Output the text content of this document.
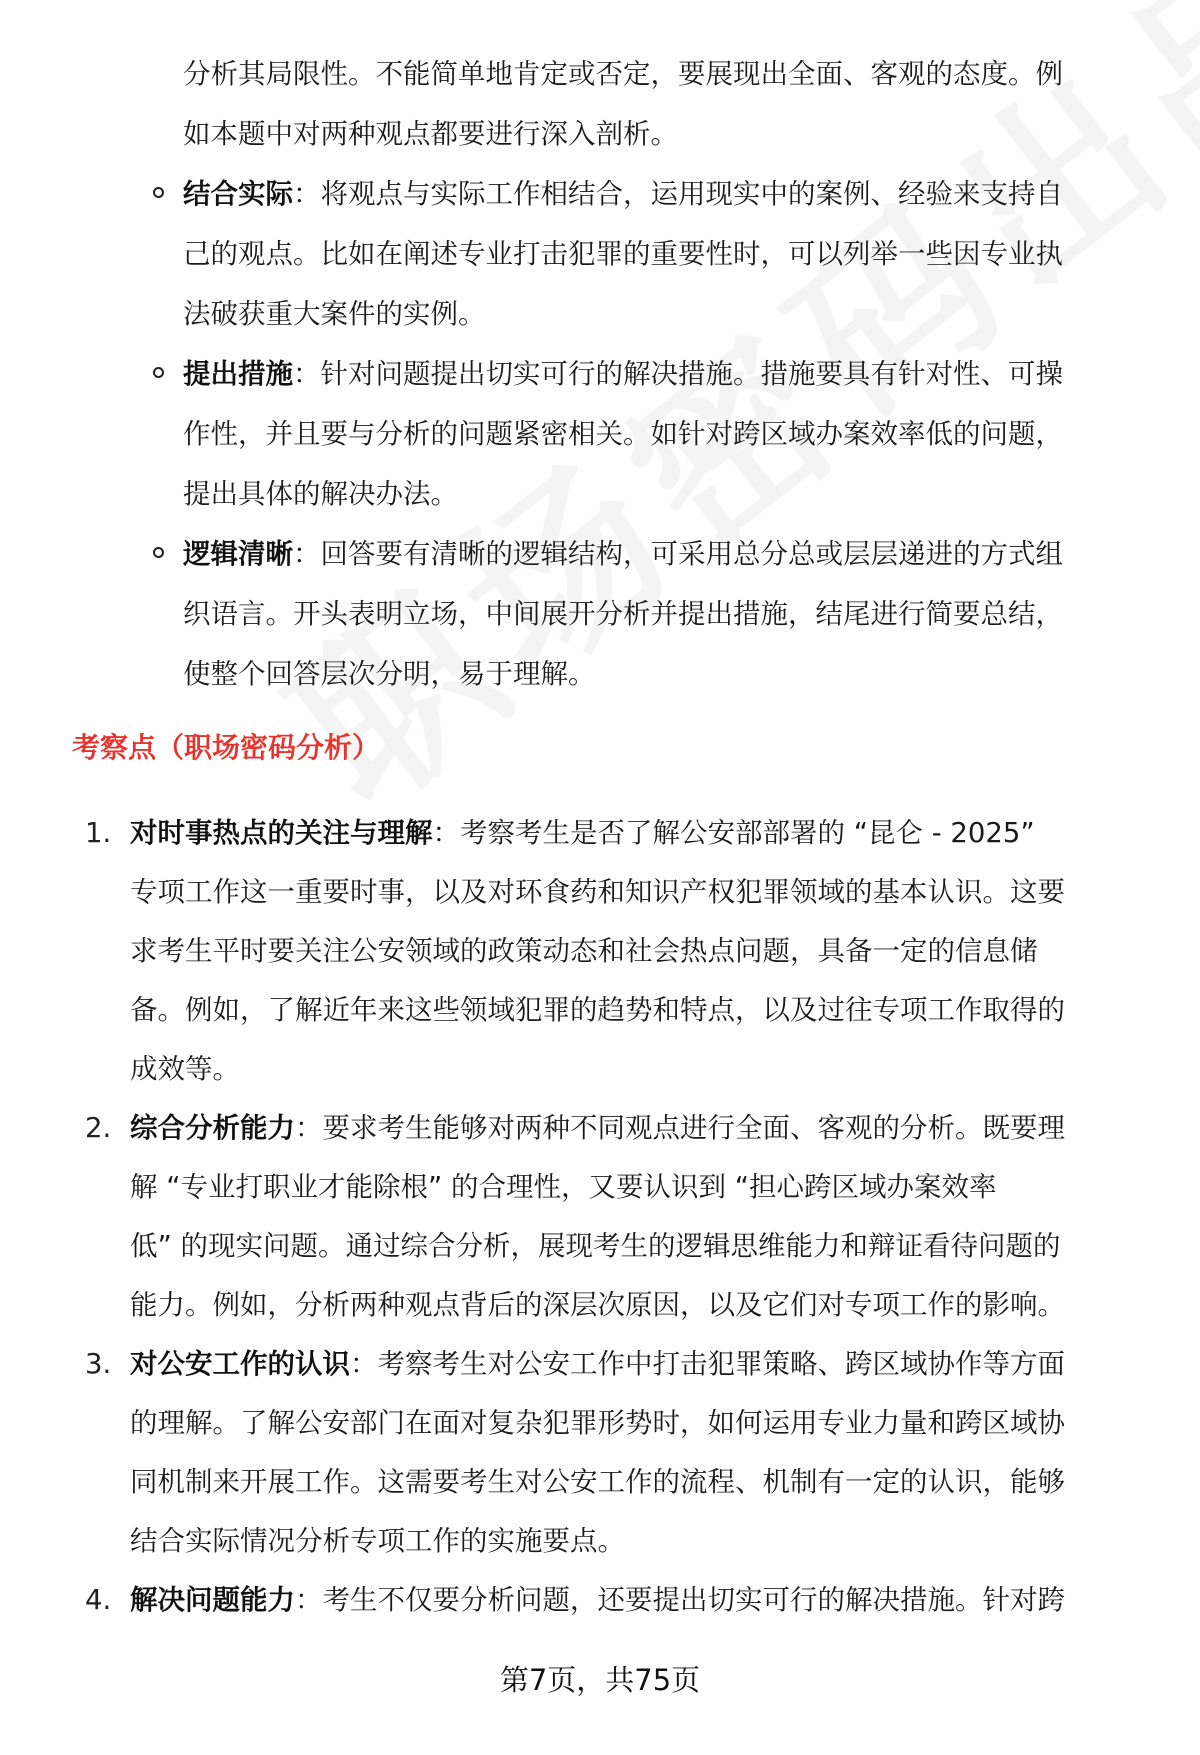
分析其局限性。不能简单地肯定或否定，要展现出全面、客观的态度。例
如本题中对两种观点都要进行深入剖析。
结合实际：将观点与实际工作相结合，运用现实中的案例、经验来支持自
己的观点。比如在阐述专业打击犯罪的重要性时，可以列举一些因专业执
法破获重大案件的实例。
提出措施：针对问题提出切实可行的解决措施。措施要具有针对性、可操
作性，并且要与分析的问题紧密相关。如针对跨区域办案效率低的问题，
提出具体的解决办法。
逻辑清晰：回答要有清晰的逻辑结构，可采用总分总或层层递进的方式组
织语言。开头表明立场，中间展开分析并提出措施，结尾进行简要总结，
使整个回答层次分明，易于理解。
考察点（职场密码分析）
1. 对时事热点的关注与理解：考察考生是否了解公安部部署的 “昆仑 - 2025”
专项工作这一重要时事，以及对环食药和知识产权犯罪领域的基本认识。这要
求考生平时要关注公安领域的政策动态和社会热点问题，具备一定的信息储
备。例如，了解近年来这些领域犯罪的趋势和特点，以及过往专项工作取得的
成效等。
2. 综合分析能力：要求考生能够对两种不同观点进行全面、客观的分析。既要理
解 “专业打职业才能除根” 的合理性，又要认识到 “担心跨区域办案效率
低” 的现实问题。通过综合分析，展现考生的逻辑思维能力和辩证看待问题的
能力。例如，分析两种观点背后的深层次原因，以及它们对专项工作的影响。
3. 对公安工作的认识：考察考生对公安工作中打击犯罪策略、跨区域协作等方面
的理解。了解公安部门在面对复杂犯罪形势时，如何运用专业力量和跨区域协
同机制来开展工作。这需要考生对公安工作的流程、机制有一定的认识，能够
结合实际情况分析专项工作的实施要点。
4. 解决问题能力：考生不仅要分析问题，还要提出切实可行的解决措施。针对跨
第7页，共75页
